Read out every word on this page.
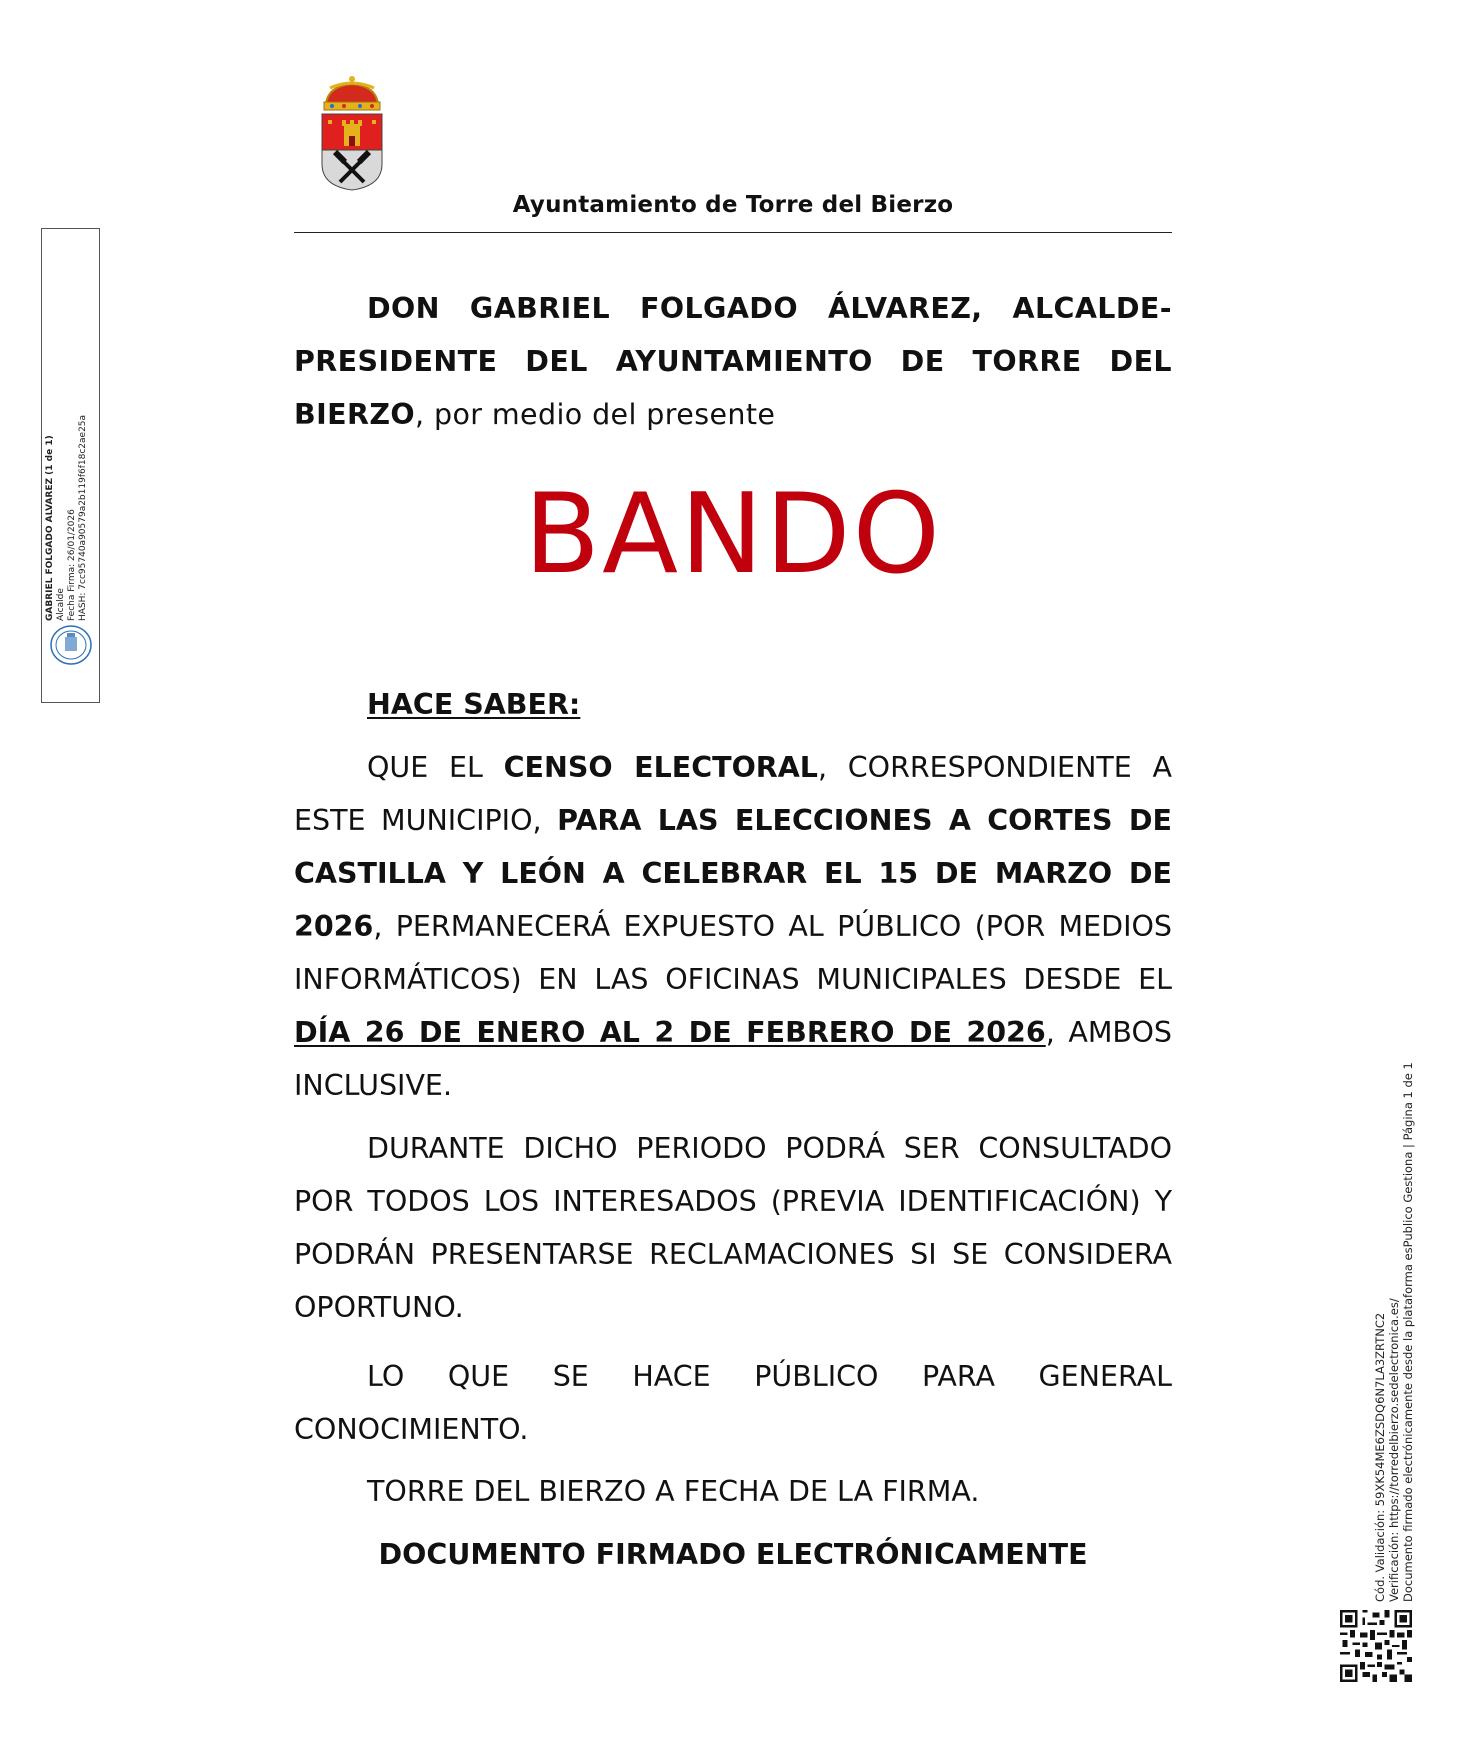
Ayuntamiento de Torre del Bierzo
DON GABRIEL FOLGADO ÁLVAREZ, ALCALDE-PRESIDENTE DEL AYUNTAMIENTO DE TORRE DEL BIERZO, por medio del presente
BANDO
HACE SABER:
QUE EL CENSO ELECTORAL, CORRESPONDIENTE A ESTE MUNICIPIO, PARA LAS ELECCIONES A CORTES DE CASTILLA Y LEÓN A CELEBRAR EL 15 DE MARZO DE 2026, PERMANECERÁ EXPUESTO AL PÚBLICO (POR MEDIOS INFORMÁTICOS) EN LAS OFICINAS MUNICIPALES DESDE EL DÍA 26 DE ENERO AL 2 DE FEBRERO DE 2026, AMBOS INCLUSIVE.
DURANTE DICHO PERIODO PODRÁ SER CONSULTADO POR TODOS LOS INTERESADOS (PREVIA IDENTIFICACIÓN) Y PODRÁN PRESENTARSE RECLAMACIONES SI SE CONSIDERA OPORTUNO.
LO QUE SE HACE PÚBLICO PARA GENERAL CONOCIMIENTO.
TORRE DEL BIERZO A FECHA DE LA FIRMA.
DOCUMENTO FIRMADO ELECTRÓNICAMENTE
GABRIEL FOLGADO ALVAREZ (1 de 1) Alcalde Fecha Firma: 26/01/2026 HASH: 7cc95740a90579a2b119f6f18c2ae25a
Cód. Validación: 59XK54ME6ZSDQ6N7LA3ZRTNC2 Verificación: https://torredelbierzo.sedelectronica.es/ Documento firmado electrónicamente desde la plataforma esPublico Gestiona | Página 1 de 1
